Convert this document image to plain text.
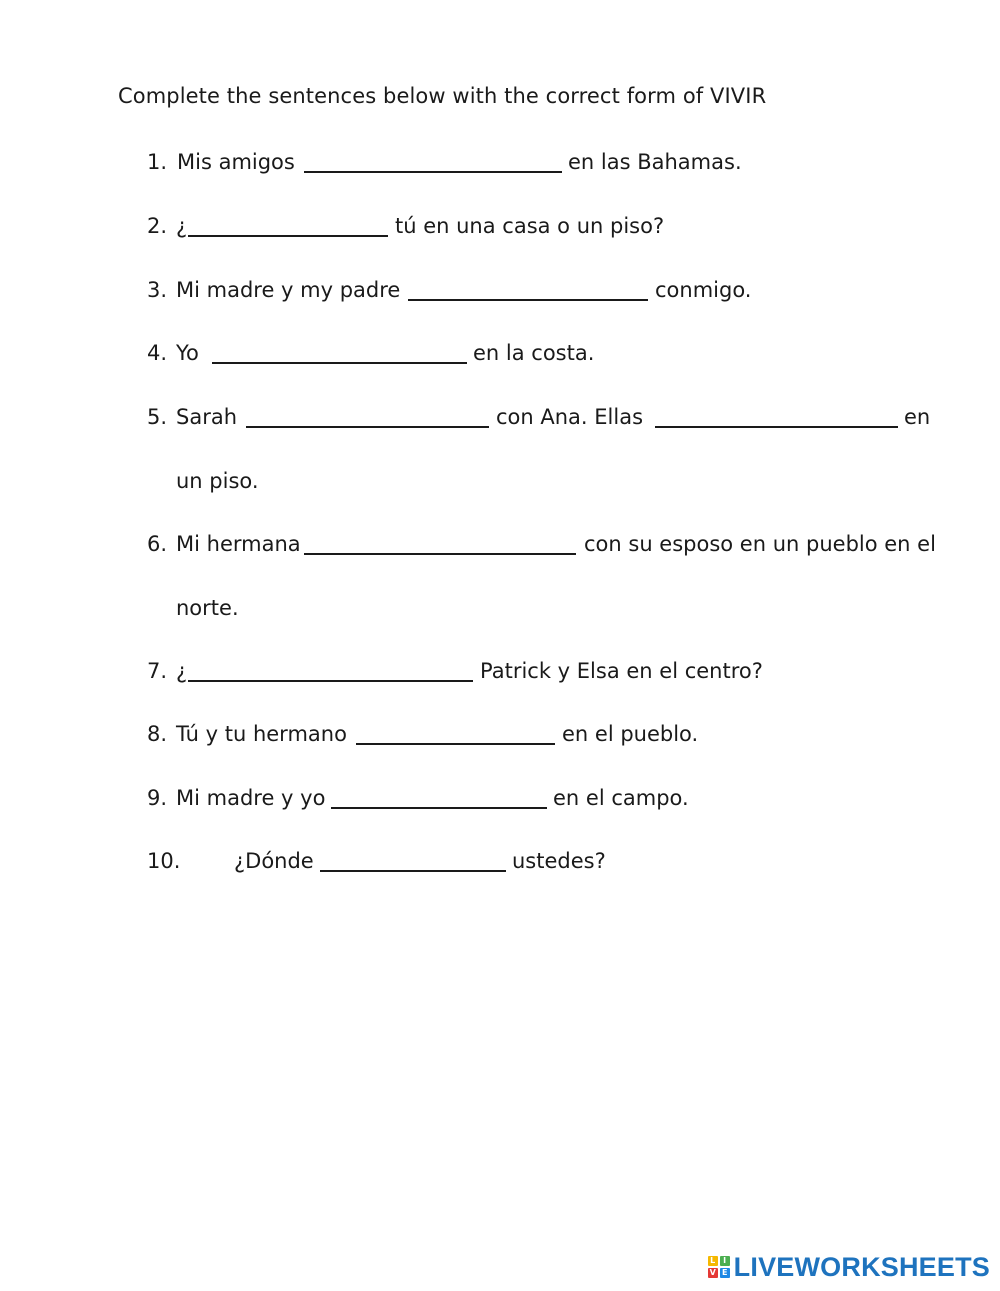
Complete the sentences below with the correct form of VIVIR
1. Mis amigos	en las Bahamas.
2. ¿	tú en una casa o un piso?
3. Mi madre y my padre	conmigo.
4. Yo	en la costa.
5. Sarah	con Ana. Ellas	en
un piso.
6. Mi hermana	con su esposo en un pueblo en el
norte.
7. ¿	Patrick y Elsa en el centro?
8. Tú y tu hermano	en el pueblo.
9. Mi madre y yo	en el campo.
10.	¿Dónde	ustedes?
L I
V E LIVEWORKSHEETS
